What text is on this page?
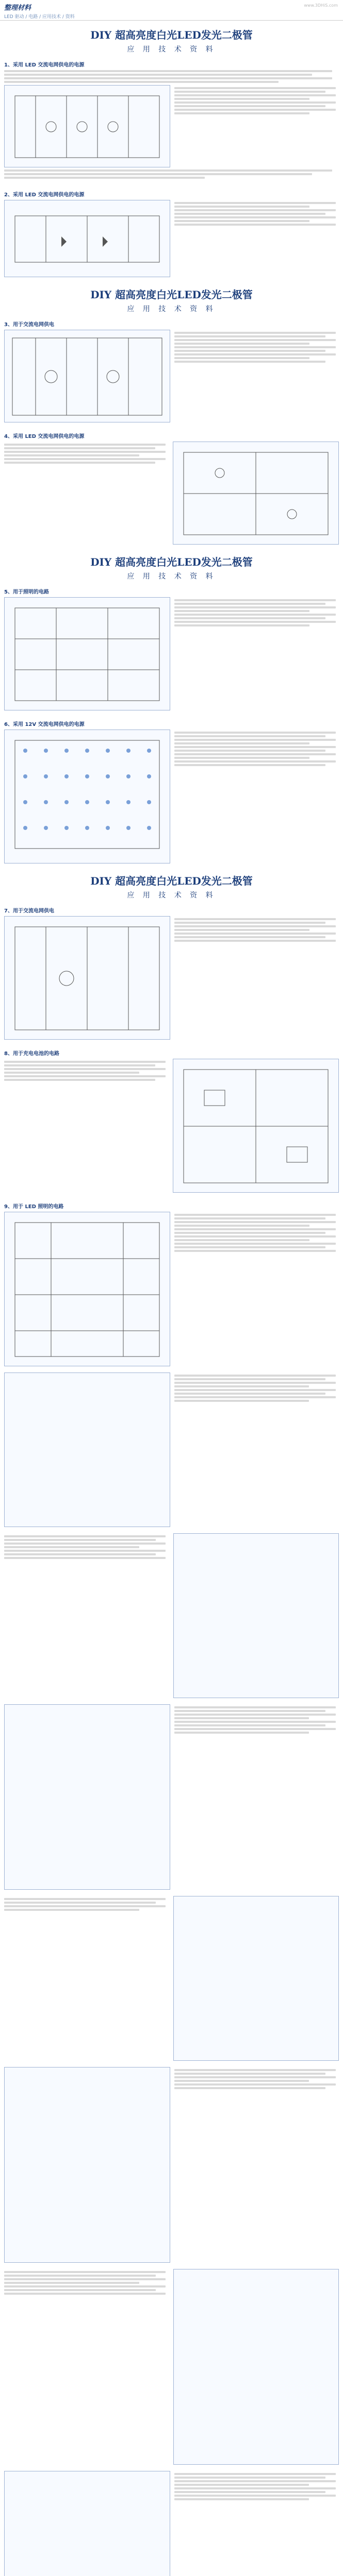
整理材料
LED 驱动 / 电路 / 应用技术 / 资料
www.3DHiS.com
DIY 超高亮度白光LED发光二极管
应 用 技 术 资 料
1、采用 LED 交流电网供电的电源
2、采用 LED 交流电网供电的电源
DIY 超高亮度白光LED发光二极管
应 用 技 术 资 料
3、用于交流电网供电
4、采用 LED 交流电网供电的电源
DIY 超高亮度白光LED发光二极管
应 用 技 术 资 料
5、用于照明的电路
6、采用 12V 交流电网供电的电源
DIY 超高亮度白光LED发光二极管
应 用 技 术 资 料
7、用于交流电网供电
8、用于充电电池的电路
9、用于 LED 照明的电路
